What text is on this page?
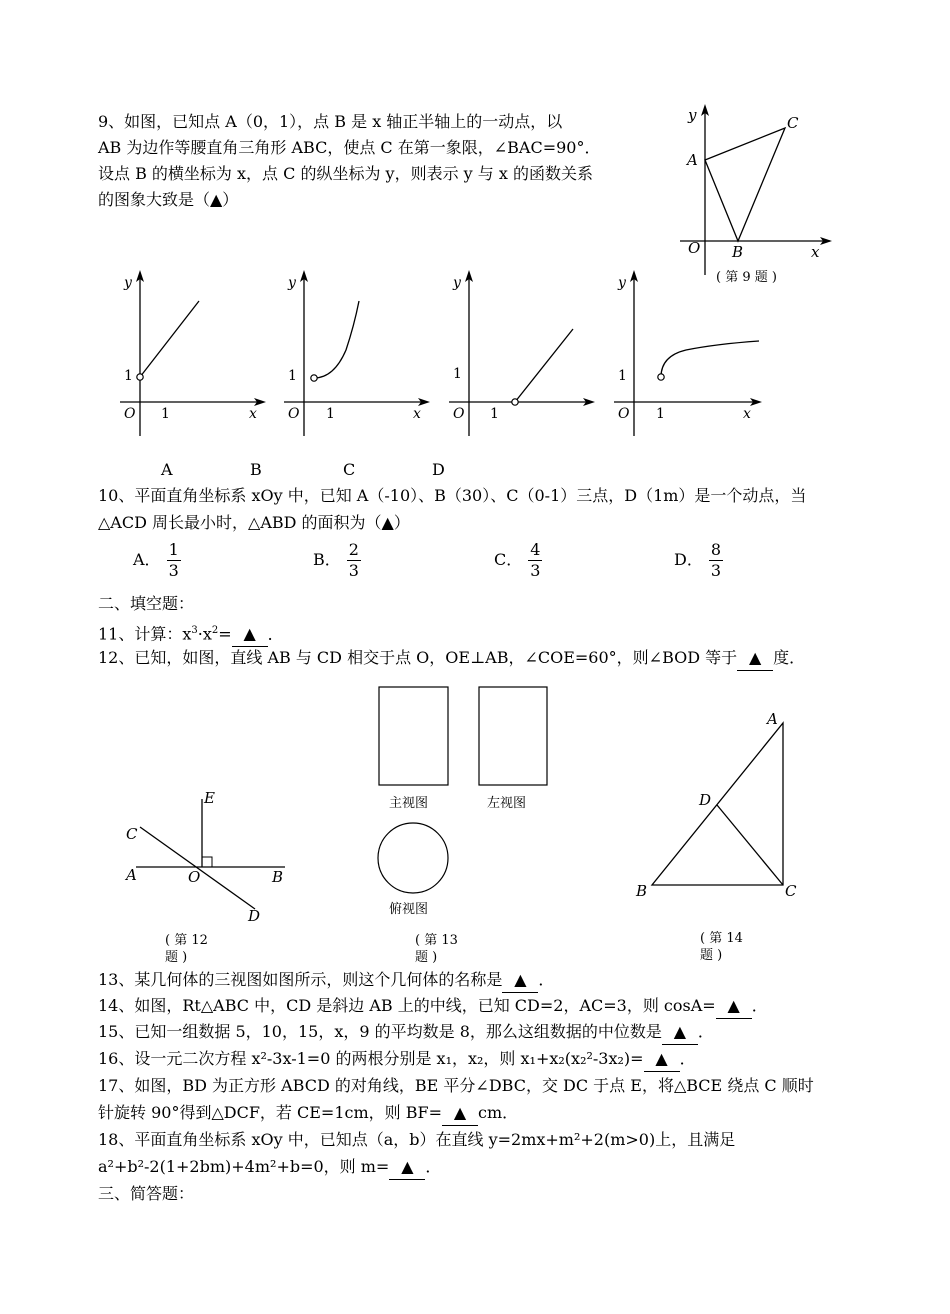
9、如图，已知点 A（0，1），点 B 是 x 轴正半轴上的一动点，以
AB 为边作等腰直角三角形 ABC，使点 C 在第一象限，∠BAC=90°．
设点 B 的横坐标为 x，点 C 的纵坐标为 y，则表示 y 与 x 的函数关系
的图象大致是（▲）
y
x
O
A
B
C
( 第 9 题 )
y
1
O 1	x
y
1
O 1	x
y
1
O 1
y
1
O 1	x
A	B	C	D
10、平面直角坐标系 xOy 中，已知 A（-10）、B（30）、C（0-1）三点，D（1m）是一个动点，当
△ACD 周长最小时，△ABD 的面积为（▲）
A． $\frac{1}{3}$	B． $\frac{2}{3}$	C． $\frac{4}{3}$	D． $\frac{8}{3}$
二、填空题：
11、计算：$x^3\cdot x^2=$ ▲ ．
12、已知，如图，直线 AB 与 CD 相交于点 O，OE⊥AB，∠COE=60°，则∠BOD 等于 ▲ 度．
E
C
A	O	B
D
( 第 12
题 )
主视图	左视图
俯视图
( 第 13
题 )
A
D
B	C
( 第 14
题 )
13、某几何体的三视图如图所示，则这个几何体的名称是 ▲ ．
14、如图，Rt△ABC 中，CD 是斜边 AB 上的中线，已知 CD=2，AC=3，则 cosA= ▲ ．
15、已知一组数据 5，10，15，x，9 的平均数是 8，那么这组数据的中位数是 ▲ ．
16、设一元二次方程 x²-3x-1=0 的两根分别是 x₁，x₂，则 x₁+x₂(x₂²-3x₂)= ▲ ．
17、如图，BD 为正方形 ABCD 的对角线，BE 平分∠DBC，交 DC 于点 E，将△BCE 绕点 C 顺时
针旋转 90°得到△DCF，若 CE=1cm，则 BF= ▲ cm．
18、平面直角坐标系 xOy 中，已知点（a，b）在直线 y=2mx+m²+2(m>0)上，且满足
a²+b²-2(1+2bm)+4m²+b=0，则 m= ▲ ．
三、简答题：
